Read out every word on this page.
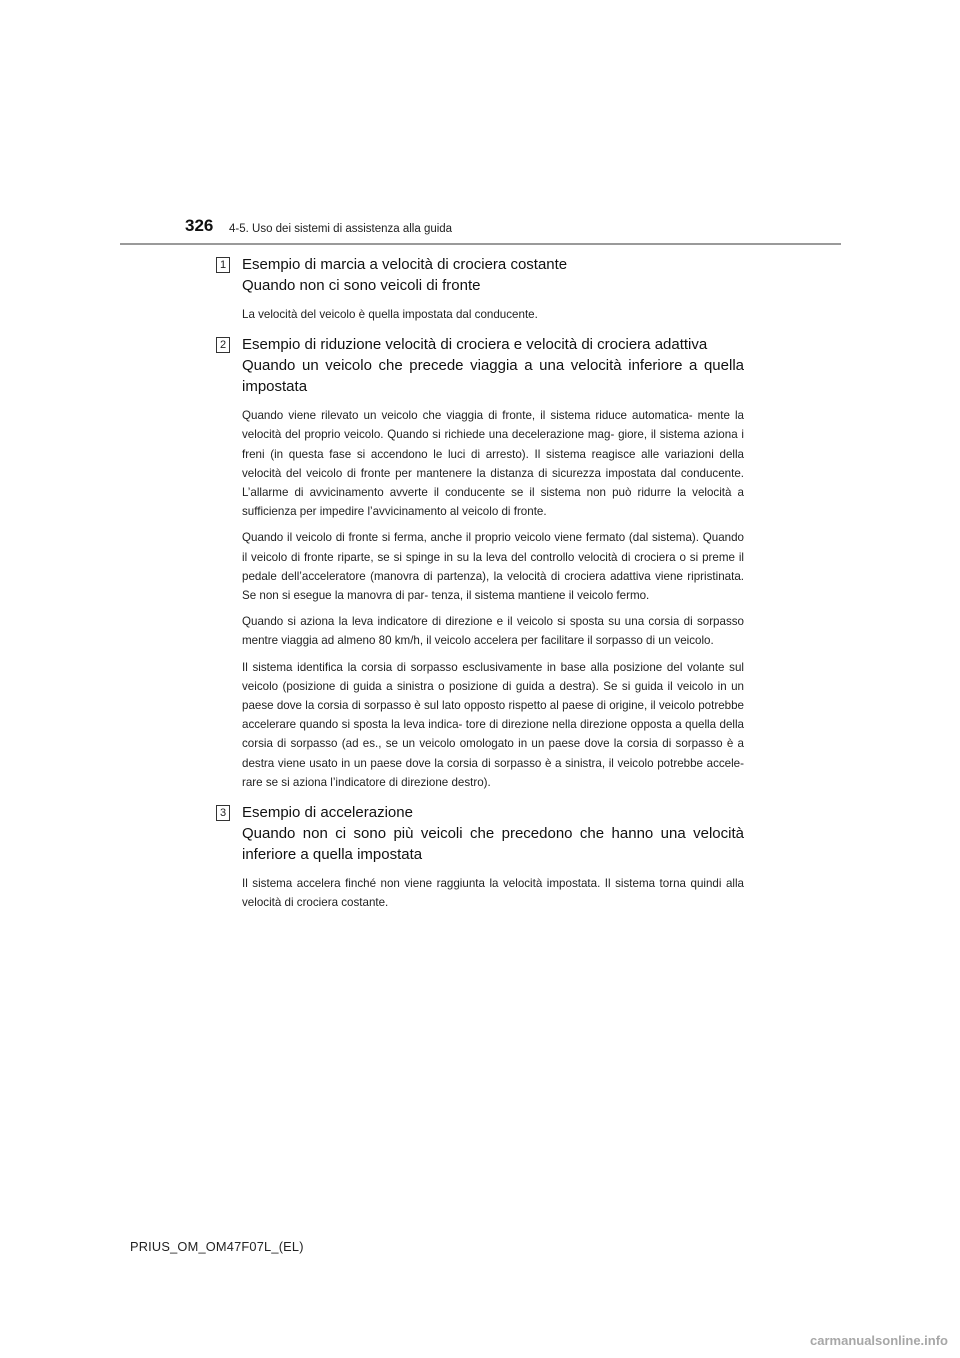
326 4-5. Uso dei sistemi di assistenza alla guida
1 Esempio di marcia a velocità di crociera costante

Quando non ci sono veicoli di fronte

La velocità del veicolo è quella impostata dal conducente.

2 Esempio di riduzione velocità di crociera e velocità di crociera adattiva

Quando un veicolo che precede viaggia a una velocità inferiore a quella impostata

Quando viene rilevato un veicolo che viaggia di fronte, il sistema riduce automatica- mente la velocità del proprio veicolo. Quando si richiede una decelerazione mag- giore, il sistema aziona i freni (in questa fase si accendono le luci di arresto). Il sistema reagisce alle variazioni della velocità del veicolo di fronte per mantenere la distanza di sicurezza impostata dal conducente. L’allarme di avvicinamento avverte il conducente se il sistema non può ridurre la velocità a sufficienza per impedire l’avvicinamento al veicolo di fronte.

Quando il veicolo di fronte si ferma, anche il proprio veicolo viene fermato (dal sistema). Quando il veicolo di fronte riparte, se si spinge in su la leva del controllo velocità di crociera o si preme il pedale dell’acceleratore (manovra di partenza), la velocità di crociera adattiva viene ripristinata. Se non si esegue la manovra di par- tenza, il sistema mantiene il veicolo fermo.

Quando si aziona la leva indicatore di direzione e il veicolo si sposta su una corsia di sorpasso mentre viaggia ad almeno 80 km/h, il veicolo accelera per facilitare il sorpasso di un veicolo.

Il sistema identifica la corsia di sorpasso esclusivamente in base alla posizione del volante sul veicolo (posizione di guida a sinistra o posizione di guida a destra). Se si guida il veicolo in un paese dove la corsia di sorpasso è sul lato opposto rispetto al paese di origine, il veicolo potrebbe accelerare quando si sposta la leva indica- tore di direzione nella direzione opposta a quella della corsia di sorpasso (ad es., se un veicolo omologato in un paese dove la corsia di sorpasso è a destra viene usato in un paese dove la corsia di sorpasso è a sinistra, il veicolo potrebbe accele- rare se si aziona l’indicatore di direzione destro).

3 Esempio di accelerazione

Quando non ci sono più veicoli che precedono che hanno una velocità inferiore a quella impostata

Il sistema accelera finché non viene raggiunta la velocità impostata. Il sistema torna quindi alla velocità di crociera costante.

PRIUS_OM_OM47F07L_(EL)
carmanualsonline.info
